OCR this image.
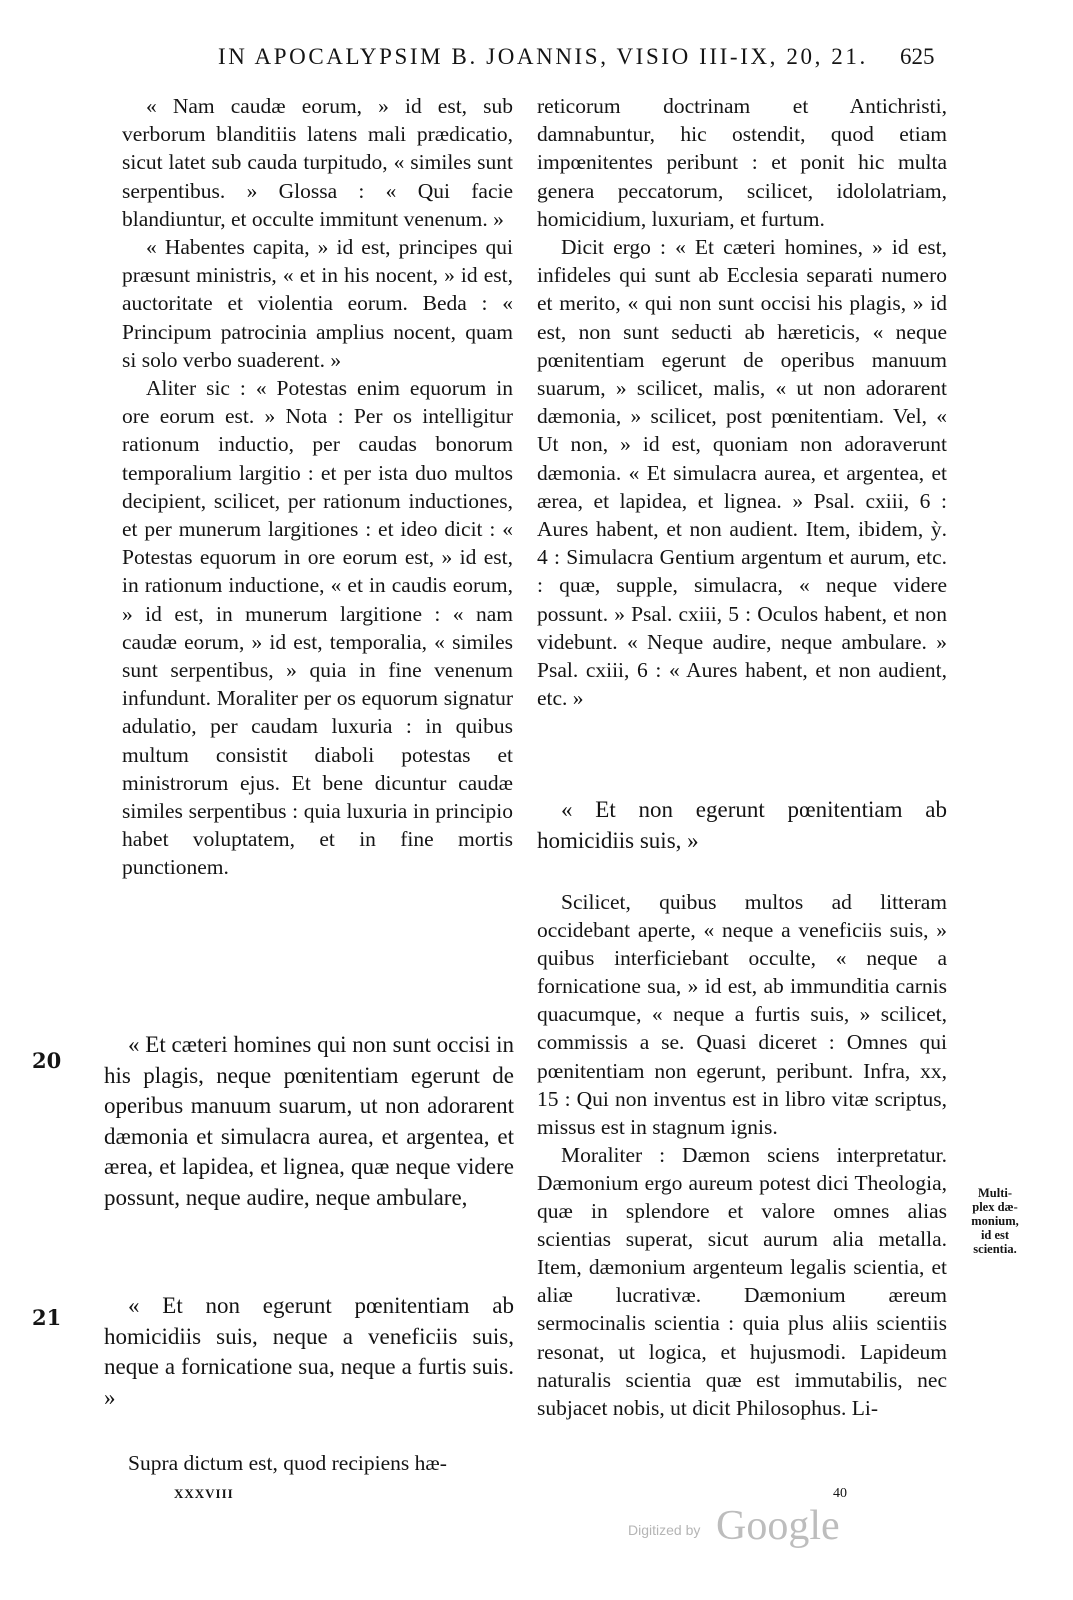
IN APOCALYPSIM B. JOANNIS, VISIO III-IX, 20, 21. 625

« Nam caudæ eorum, » id est, sub verborum blanditiis latens mali prædicatio, sicut latet sub cauda turpitudo, « similes sunt serpentibus. » Glossa : « Qui facie blandiuntur, et occulte immitunt venenum. »

« Habentes capita, » id est, principes qui præsunt ministris, « et in his nocent, » id est, auctoritate et violentia eorum. Beda : « Principum patrocinia amplius nocent, quam si solo verbo suaderent. »

Aliter sic : « Potestas enim equorum in ore eorum est. » Nota : Per os intelligitur rationum inductio, per caudas bonorum temporalium largitio : et per ista duo multos decipient, scilicet, per rationum inductiones, et per munerum largitiones : et ideo dicit : « Potestas equorum in ore eorum est, » id est, in rationum inductione, « et in caudis eorum, » id est, in munerum largitione : « nam caudæ eorum, » id est, temporalia, « similes sunt serpentibus, » quia in fine venenum infundunt. Moraliter per os equorum signatur adulatio, per caudam luxuria : in quibus multum consistit diaboli potestas et ministrorum ejus. Et bene dicuntur caudæ similes serpentibus : quia luxuria in principio habet voluptatem, et in fine mortis punctionem.

20

« Et cæteri homines qui non sunt occisi in his plagis, neque pœnitentiam egerunt de operibus manuum suarum, ut non adorarent dæmonia et simulacra aurea, et argentea, et ærea, et lapidea, et lignea, quæ neque videre possunt, neque audire, neque ambulare,

21	« Et non egerunt pœnitentiam ab homicidiis suis, neque a veneficiis suis, neque a fornicatione sua, neque a furtis suis. »

Supra dictum est, quod recipiens hæ-

reticorum doctrinam et Antichristi, damnabuntur, hic ostendit, quod etiam impœnitentes peribunt : et ponit hic multa genera peccatorum, scilicet, idololatriam, homicidium, luxuriam, et furtum.

Dicit ergo : « Et cæteri homines, » id est, infideles qui sunt ab Ecclesia separati numero et merito, « qui non sunt occisi his plagis, » id est, non sunt seducti ab hæreticis, « neque pœnitentiam egerunt de operibus manuum suarum, » scilicet, malis, « ut non adorarent dæmonia, » scilicet, post pœnitentiam. Vel, « Ut non, » id est, quoniam non adoraverunt dæmonia. « Et simulacra aurea, et argentea, et ærea, et lapidea, et lignea. » Psal. cxiii, 6 : Aures habent, et non audient. Item, ibidem, ỳ. 4 : Simulacra Gentium argentum et aurum, etc. : quæ, supple, simulacra, « neque videre possunt. » Psal. cxiii, 5 : Oculos habent, et non videbunt. « Neque audire, neque ambulare. » Psal. cxiii, 6 : « Aures habent, et non audient, etc. »

« Et non egerunt pœnitentiam ab homicidiis suis, »

Scilicet, quibus multos ad litteram occidebant aperte, « neque a veneficiis suis, » quibus interficiebant occulte, « neque a fornicatione sua, » id est, ab immunditia carnis quacumque, « neque a furtis suis, » scilicet, commissis a se. Quasi diceret : Omnes qui pœnitentiam non egerunt, peribunt. Infra, xx, 15 : Qui non inventus est in libro vitæ scriptus, missus est in stagnum ignis.

Moraliter : Dæmon sciens interpretatur. Dæmonium ergo aureum potest dici Theologia, quæ in splendore et valore omnes alias scientias superat, sicut aurum alia metalla. Item, dæmonium argenteum legalis scientia, et aliæ lucrativæ. Dæmonium æreum sermocinalis scientia : quia plus aliis scientiis resonat, ut logica, et hujusmodi. Lapideum naturalis scientia quæ est immutabilis, nec subjacet nobis, ut dicit Philosophus. Li-

Multi-
plex dæ-
monium,
id est
scientia.
XXXVIII	40
Digitized by Google
